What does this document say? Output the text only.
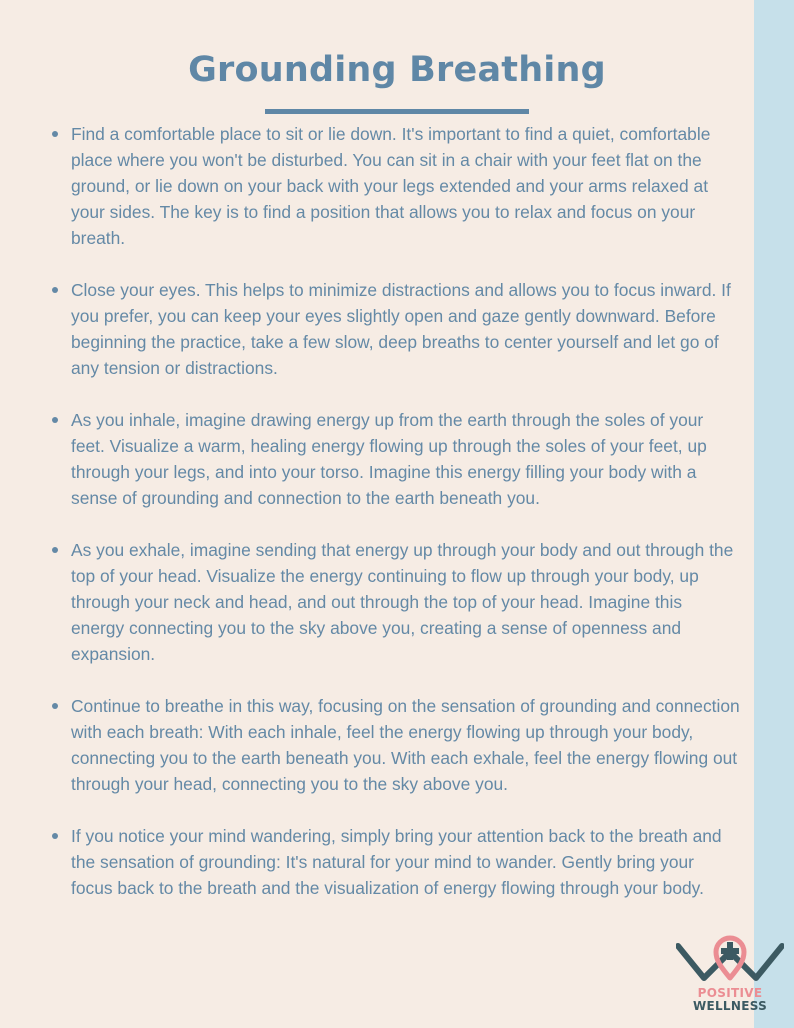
Grounding Breathing
Find a comfortable place to sit or lie down. It's important to find a quiet, comfortable place where you won't be disturbed. You can sit in a chair with your feet flat on the ground, or lie down on your back with your legs extended and your arms relaxed at your sides. The key is to find a position that allows you to relax and focus on your breath.
Close your eyes. This helps to minimize distractions and allows you to focus inward. If you prefer, you can keep your eyes slightly open and gaze gently downward. Before beginning the practice, take a few slow, deep breaths to center yourself and let go of any tension or distractions.
As you inhale, imagine drawing energy up from the earth through the soles of your feet. Visualize a warm, healing energy flowing up through the soles of your feet, up through your legs, and into your torso. Imagine this energy filling your body with a sense of grounding and connection to the earth beneath you.
As you exhale, imagine sending that energy up through your body and out through the top of your head. Visualize the energy continuing to flow up through your body, up through your neck and head, and out through the top of your head. Imagine this energy connecting you to the sky above you, creating a sense of openness and expansion.
Continue to breathe in this way, focusing on the sensation of grounding and connection with each breath: With each inhale, feel the energy flowing up through your body, connecting you to the earth beneath you. With each exhale, feel the energy flowing out through your head, connecting you to the sky above you.
If you notice your mind wandering, simply bring your attention back to the breath and the sensation of grounding: It's natural for your mind to wander. Gently bring your focus back to the breath and the visualization of energy flowing through your body.
POSITIVE
WELLNESS
